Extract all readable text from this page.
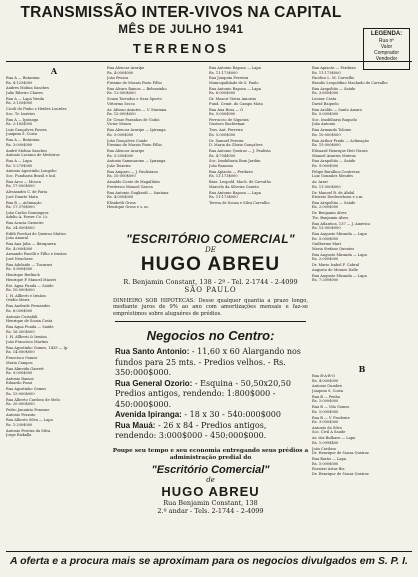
TRANSMISSÃO INTER-VIVOS NA CAPITAL
MÊS DE JULHO 1941
TERRENOS
LEGENDA:
Rua nº
Valor
Comprador
Vendedor
A
Rua A — Butantan
Rs. 4:125$000
Andres Molina Sanches
Julio Ribeiro Chaves
Rua A — Lapa Venda
Rs. 2:150$000
Cicoli do Pinho e Heides Lourdes
Soc. Tr. Imóvies
Rua A — Ipiranga
Rs. 2:183$000
Luiz Gonçalves Fasses
Joaquim S. Costa
Rua A — Butantan
Rs. 3:000$000
André Molina Sanches
Antonio Luciano de Medeiros
Rua A — Lapa
Rs. 1:270$000
Antonio Agostinho Longobo
Soc. Fundiaria Brasil e Ind.
Rua Arco — Mooca
Rs. 17:000$000
Alessandro C. de Faria
José Duarte Mata
Rua B — Aclimação
Rs. 17:378$000
João Carlos Dominguez
Adelio A. Power Co. Lt.
Rua Acacia Carneiro
Rs. 24:000$000
Edith Porchat de Queiroz Mattos
João Amaral
Rua Ana Julia — Ibirapuera
Rs. 4:000$000
Armando Paoelli e Filho e Irmãos
José Neuchese
Rua Adelaide — Tucuruvi
Rs. 5:800$000
Henrique Berlinck
Henrique P. Manoel Mazzei
Est. Agua Funda — Saúde
Rs. 10:000$000
I. H. Allberti e Irmãos
Ovidio Mariz
Rua Andrade Fernandes
Rs. 6:000$000
Antonio Costabili
Henrique de Souza Costa
Rua Agua Funda — Saúde
Rs. 16:300$000
I. H. Allberti & Irmãos
João Francisco Martins
Rua Agostinho Gomes, 1439 — Ip.
Rs. 14:000$000
Francisco Gomes
Maria Campos
Rua Almeida Garrett
Rs. 9:000$000
Antonio Ramos
Eduardo Pozzi
Rua Agostinho Gomes
Rs. 15:000$000
Rua Alberto Cardoso de Melo
Rs. 20:000$000
Pedro Januário Ponzone
Antonio Pezzuto
Rua Alberto Silva — Lapa
Rs. 1:200$000
Antonio Pereira da Silva
Jorge Rizkalla
Rua Alencar Araripe
Rs. 4:000$000
João Pessoa
Firmino de Morais Pinto Filho
Rua Alvaro Ramos — Belenzinho
Rs. 12:000$000
Souza Torrados e Soza Sporto
Vittorino Secco
Av. Afonso Arantes — V. Mariana
Rs. 12:000$000
Dr. Cesar Paranhos de Godoi
Victor Moura
Rua Alencar Araripe — Ipiranga
Rs. 5:000$000
João Gonçalves Conde
Firmino de Morais Pinto Filho
Rua Alencar Araripe
Rs. 5:200$000
Antonio Sammarone — Ipiranga
João Teixeira
Rua Amparo — J. Paulistano
Rs. 10:000$000
Arnaldo Conte de Magalhães
Frederico Manoel Garcia
Rua Antonio Gugliardi — Santana
Rs. 4:000$000
Elisabeth Gross
Henrique Gross e s. m.
Rua Antonio Raposo — Lapa
Rs. 11:173$000
Rua Joaquim Ferreira
Municipalidade de S. Paulo
Rua Antonio Raposo — Lapa
Rs. 6:000$000
Dr. Moacir Vieira Amorim
Fund. Cemit. do Campo Mota
Rua Ana Rosa — Ó
Rs. 5:000$000
Ferruccio de Siqueira
Gustavo Bachtemar
Trav. Ant. Ferreira
Rs. 5:000$000
Dr. Samuel Pereira
D. Maria da Gloria Gonçalves
Rua Antonio Queiroz — J. Paulista
Rs. 4:704$000
Soc. Imobiliaria Bom Jardim
João Bonomo
Rua Apiacás — Perdizes
Rs. 11:173$000
Bras. Leopold. Mach. de Carvalho
Marcelo da Silveira Caneto
Rua Antonio Raposo — Lapa
Rs. 11:173$000
Teresa de Souza e Silva Carvalho
Rua Apiacás — Perdizes
Rs. 11:173$000
Pacifico L. M. Carvalho
Braulio Leopoldino Machado de Carvalho
Rua Arapoltão — Saúde
Rs. 3:600$000
Leonor Costa
David Raquelo
Rua Aroldo — Santo Amaro
Rs. 5:000$000
Soc. Imobiliaria Raquelo
João Antonio
Rua Armando Tolome
Rs. 10:000$000
Rua Arthur Prado — Aclimação
Rs. 15:000$000
Edouard Henrique Heit Nunes
Manoel Arantes Mateus
Rua Arapoltão — Saúde
Rs. 9:000$000
Felipe Baralhos Contreras
Luiz Gonzalez Mendes
Av. Arari
Rs. 11:000$000
Dr. Manoel R. de Abdul
Ernesto Diederichsen e s.m.
Rua Arapoltão — Saúde
Rs. 2:000$000
Dr. Benjamin Alves
Tte. Benjamin Alves
Rua Atlantica, 137 — J. America
Rs. 13:000$000
Rua Augusto Miranda — Lapa
Rs. 5:000$000
Guilherme Mari
Maria Stefano Quentes
Rua Augusto Miranda — Lapa
Rs. 2:000$000
Dr. Mario Isabel F. Cabral
Augusto de Moraes Dalle
Rua Augusto Miranda — Lapa
Rs. 7:200$000
B
Rua B-A-B-O
Rs. 4:000$000
Antonio Gumbre
Joaquim S. Costa
Rua B — Penha
Rs. 2:000$000
Rua B — Vila Gomes
Rs. 5:000$000
Rua B — V. Prudente
Rs. 3:000$000
Antonio da Silva
Soc. Civil A Saude
Av. dos Bulhaes — Lapa
Rs. 1:099$400
João Cardoso
Dr. Henrique de Souza Queiroz
Rua Barão — Lapa
Rs. 5:000$000
Rossieri Artur Bis
Dr. Henrique de Souza Queiroz
"ESCRITÓRIO COMERCIAL"
DE
HUGO ABREU
R. Benjamin Constant, 138 - 2º - Tel. 2-1744 - 2-4099
SÃO PAULO
DINHEIRO SOB HIPOTECAS: Desse qualquer quantia a prazo longo, mediante juros de 9% ao ano com amortizações mensais e faz-se empréstimos sobre aluguéres de prédios.
Negocios no Centro:
Rua Santo Antonio: - 11,60 x 60 Alargando nos fundos para 25 mts. - Predios velhos. - Rs. 350:000$000.
Rua General Ozorio: - Esquina - 50,50x20,50 Predios antigos, rendendo: 1:800$000 - 450:000$000.
Avenida Ipiranga: - 18 x 30 - 540:000$000
Rua Mauá: - 26 x 84 - Predios antigos, rendendo: 3:000$000 - 450:000$000.
Poupe seu tempo e seu economia entregando seus prédios a administração predial do
"Escritório Comercial"
de
HUGO ABREU
Rua Benjamin Constant, 138
2.º andar - Tels. 2-1744 - 2-4099
A oferta e a procura mais se aproximam para os negocios divulgados em S. P. I.
